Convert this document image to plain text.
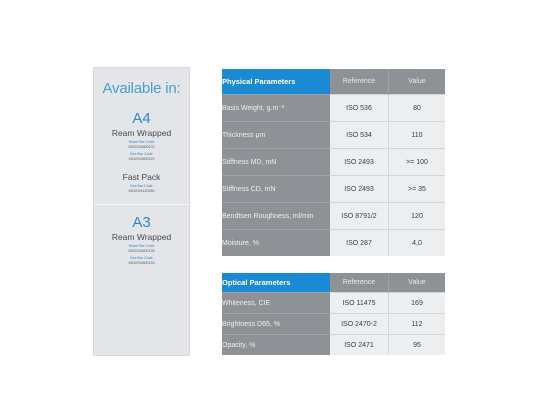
Available in:
A4
Ream Wrapped
Ream Bar Code
5902024800102
Box Bar Code
5902024800119
Fast Pack
Box Bar Code
5902024120280
A3
Ream Wrapped
Ream Bar Code
5902024800126
Box Bar Code
5902024800133
Physical Parameters	Reference	Value
Basis Weight, g.m⁻²	ISO 536	80
Thickness μm	ISO 534	110
Stiffness MD, mN	ISO 2493	>= 100
Stiffness CD, mN	ISO 2493	>= 35
Bendtsen Roughness, ml/min	ISO 8791/2	120
Moisture, %	ISO 287	4,0
Optical Parameters	Reference	Value
Whiteness, CIE	ISO 11475	169
Brightness D65, %	ISO 2470-2	112
Opacity, %	ISO 2471	95
